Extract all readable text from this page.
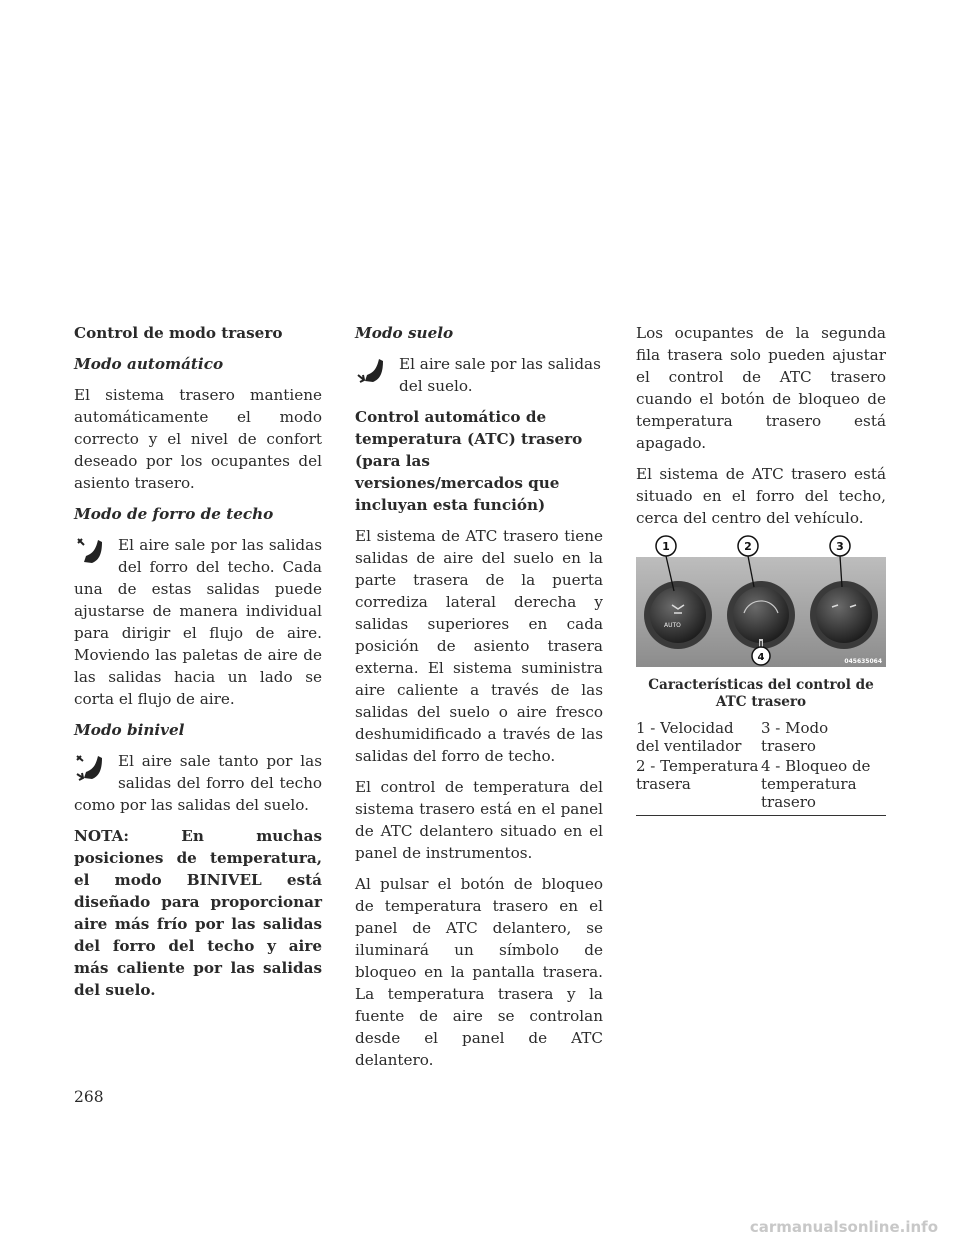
Control de modo trasero
Modo automático

El sistema trasero mantiene automáticamente el modo correcto y el nivel de confort deseado por los ocupantes del asiento trasero.

Modo de forro de techo

El aire sale por las salidas del forro del techo. Cada una de estas salidas puede ajustarse de manera individual para dirigir el flujo de aire. Moviendo las paletas de aire de las salidas hacia un lado se corta el flujo de aire.

Modo binivel

El aire sale tanto por las salidas del forro del techo como por las salidas del suelo.

NOTA: En muchas posiciones de temperatura, el modo BINIVEL está diseñado para proporcionar aire más frío por las salidas del forro del techo y aire más caliente por las salidas del suelo.

Modo suelo

El aire sale por las salidas del suelo.

Control automático de temperatura (ATC) trasero (para las versiones/mercados que incluyan esta función)

El sistema de ATC trasero tiene salidas de aire del suelo en la parte trasera de la puerta corrediza lateral derecha y salidas superiores en cada posición de asiento trasera externa. El sistema suministra aire caliente a través de las salidas del suelo o aire fresco deshumidificado a través de las salidas del forro de techo.

El control de temperatura del sistema trasero está en el panel de ATC delantero situado en el panel de instrumentos.

Al pulsar el botón de bloqueo de temperatura trasero en el panel de ATC delantero, se iluminará un símbolo de bloqueo en la pantalla trasera. La temperatura trasera y la fuente de aire se controlan desde el panel de ATC delantero.

Los ocupantes de la segunda fila trasera solo pueden ajustar el control de ATC trasero cuando el botón de bloqueo de temperatura trasero está apagado.

El sistema de ATC trasero está situado en el forro del techo, cerca del centro del vehículo.

AUTO
1	2	3
4	045635064
Características del control de ATC trasero
1 - Velocidad del ventilador	3 - Modo trasero
2 - Temperatura trasera	4 - Bloqueo de temperatura trasero
268
carmanualsonline.info
